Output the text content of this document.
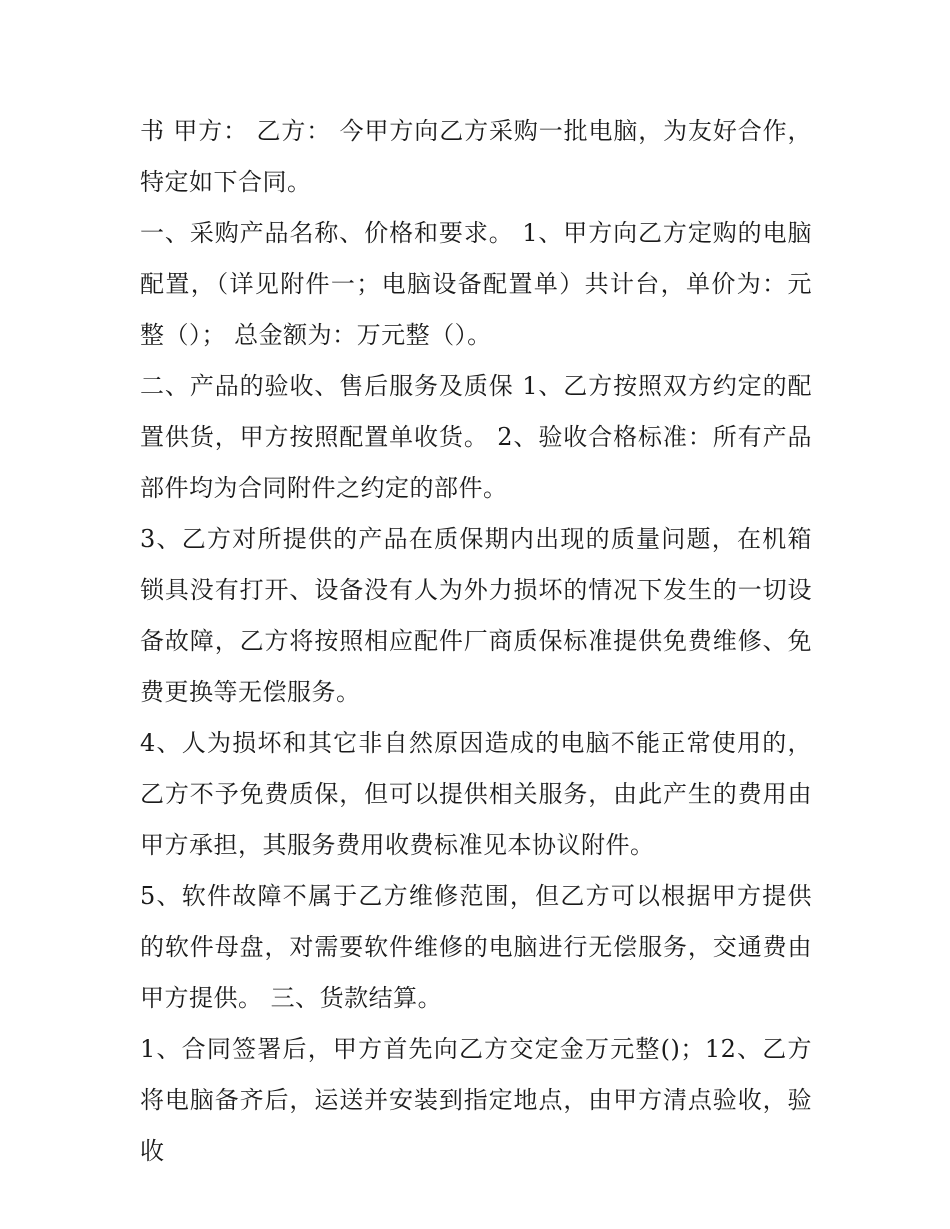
书 甲方： 乙方： 今甲方向乙方采购一批电脑，为友好合作，特定如下合同。

一、采购产品名称、价格和要求。 1、甲方向乙方定购的电脑配置，（详见附件一；电脑设备配置单）共计台，单价为：元整（）； 总金额为：万元整（）。

二、产品的验收、售后服务及质保 1、乙方按照双方约定的配置供货，甲方按照配置单收货。 2、验收合格标准：所有产品部件均为合同附件之约定的部件。

3、乙方对所提供的产品在质保期内出现的质量问题，在机箱锁具没有打开、设备没有人为外力损坏的情况下发生的一切设备故障，乙方将按照相应配件厂商质保标准提供免费维修、免费更换等无偿服务。

4、人为损坏和其它非自然原因造成的电脑不能正常使用的，乙方不予免费质保，但可以提供相关服务，由此产生的费用由甲方承担，其服务费用收费标准见本协议附件。

5、软件故障不属于乙方维修范围，但乙方可以根据甲方提供的软件母盘，对需要软件维修的电脑进行无偿服务，交通费由甲方提供。 三、货款结算。

1、合同签署后，甲方首先向乙方交定金万元整()；12、乙方将电脑备齐后，运送并安装到指定地点，由甲方清点验收，验收
